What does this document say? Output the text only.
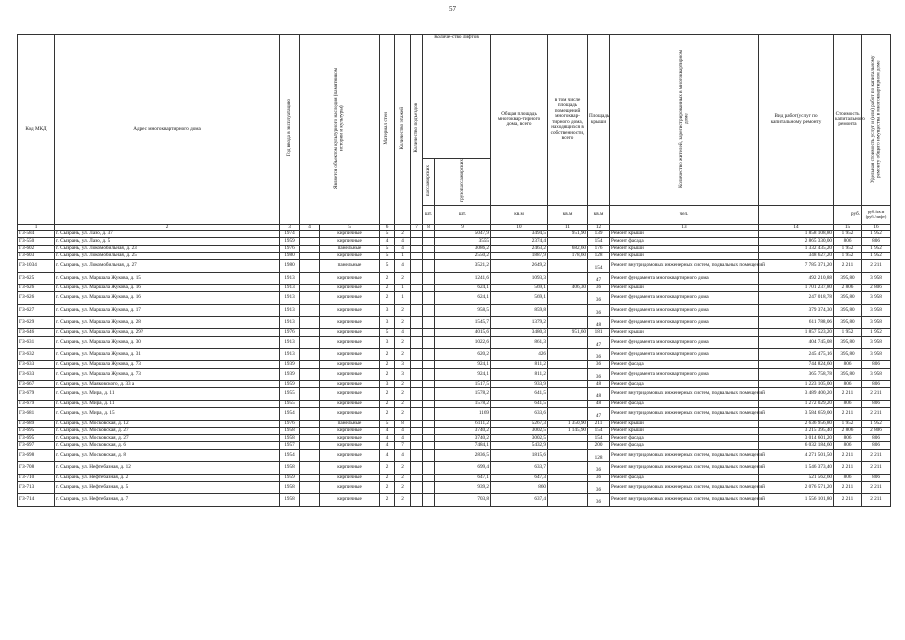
57
Код МКД	Адрес многоквартирного дома	Год ввода в эксплуатацию	Является объектом культурного наследия (памятником истории и культуры)		Материал стен	Количество этажей	Количество подъездов	Количе-ство лифтов		Общая площадь многоквар-тирного дома, всего	в том числе площадь помещений многоквар-тирного дома, находящихся в собственности, всего	Площадь крыши	Количество жителей, зарегистрированных в многоквартирном доме	Вид работ(услуг по капитальному ремонту	Стоимость капитального ремонта	Удельная стоимость услуг и (или) работ по капитальному ремонту общего имущества в многоквартирном доме	
								пассажирских	грузопассажирских								
								шт.	шт.	кв.м	кв.м	кв.м	чел.		руб.	руб./кв.м (руб./лифт)	
1	2	3	4	5	6		7	8	9	10	11	12	13	14	15	16	
ГЗ-584	г. Сызрань, ул. Лазо, д. 37	1974		кирпичные	5	2			5047,9	3494,5	951,90	139	Ремонт крыши	1 858 108,80	1 952	1 952	
ГЗ-550	г. Сызрань, ул. Лазо, д. 5	1959		кирпичные	4	4			3555	2374,4		154	Ремонт фасада	2 865 330,00	806	806	
ГЗ-602	г. Сызрань, ул. Локомобильная, д. 23	1976		панельные	5	4			3086,2	2463,2	682,60	176	Ремонт крыши	1 332 435,20	1 952	1 952	
ГЗ-603	г. Сызрань, ул. Локомобильная, д. 25	1980		кирпичные	5	1			2550,2	1887,9	178,60	128	Ремонт крыши	348 627,20	1 952	1 952	
ГЗ-1034	г. Сызрань, ул. Локомобильная, д. 27	1980		панельные	5	4			3521,2	2649,2		154	Ремонт внутридомовых инженерных систем, подвальных помещений	7 785 371,20	2 211	2 211	
ГЗ-625	г. Сызрань, ул. Маршала Жукова, д. 15	1913		кирпичные	2	2			1241,6	1093,3		47	Ремонт фундамента многоквартирного дома	492 210,88	395,80	3 958	
ГЗ-626	г. Сызрань, ул. Маршала Жукова, д. 16	1913		кирпичные	2	1			624,1	569,1	406,30	36	Ремонт крыши	1 701 237,80	2 806	2 806	
ГЗ-626	г. Сызрань, ул. Маршала Жукова, д. 16	1913		кирпичные	2	1			624,1	569,1		36	Ремонт фундамента многоквартирного дома	247 018,78	395,80	3 958	
ГЗ-627	г. Сызрань, ул. Маршала Жукова, д. 17	1913		кирпичные	3	2			958,5	859,8		36	Ремонт фундамента многоквартирного дома	379 374,30	395,80	3 958	
ГЗ-629	г. Сызрань, ул. Маршала Жукова, д. 28	1913		кирпичные	3	2			1545,7	1379,2		48	Ремонт фундамента многоквартирного дома	611 788,06	395,80	3 958	
ГЗ-646	г. Сызрань, ул. Маршала Жукова, д. 29?	1976		кирпичные	5	4			4015,6	3480,3	951,60	181	Ремонт крыши	1 857 523,20	1 952	1 952	
ГЗ-631	г. Сызрань, ул. Маршала Жукова, д. 30	1913		кирпичные	3	2			1022,6	861,3		47	Ремонт фундамента многоквартирного дома	404 745,08	395,80	3 958	
ГЗ-632	г. Сызрань, ул. Маршала Жукова, д. 31	1913		кирпичные	2	2			620,2	426		36	Ремонт фундамента многоквартирного дома	245 475,16	395,80	3 958	
ГЗ-633	г. Сызрань, ул. Маршала Жукова, д. 73	1939		кирпичные	2	3			924,1	811,2		36	Ремонт фасада	744 824,60	806	806	
ГЗ-633	г. Сызрань, ул. Маршала Жукова, д. 73	1939		кирпичные	2	3			924,1	811,2		36	Ремонт фундамента многоквартирного дома	365 758,78	395,80	3 958	
ГЗ-667	г. Сызрань, ул. Маяковского, д. 33 а	1959		кирпичные	3	2			1517,5	933,9		48	Ремонт фасада	1 223 105,00	806	806	
ГЗ-679	г. Сызрань, ул. Мира, д. 11	1955		кирпичные	2	2			1578,2	641,5		48	Ремонт внутридомовых инженерных систем, подвальных помещений	3 489 400,20	2 211	2 211	
ГЗ-679	г. Сызрань, ул. Мира, д. 11	1955		кирпичные	2	2			1578,2	641,5		48	Ремонт фасада	1 272 029,20	806	806	
ГЗ-681	г. Сызрань, ул. Мира, д. 15	1954		кирпичные	2	2			1169	633,6		47	Ремонт внутридомовых инженерных систем, подвальных помещений	3 584 659,00	2 211	2 211	
ГЗ-689	г. Сызрань, ул. Московская, д. 12	1976		панельные	5	8			6111,2	5267,3	1 350,90	211	Ремонт крыши	2 636 956,80	1 952	1 952	
ГЗ-695	г. Сызрань, ул. Московская, д. 27	1958		кирпичные	4	4			3740,2	3002,5	1 145,90	154	Ремонт крыши	3 215 395,40	2 806	2 806	
ГЗ-695	г. Сызрань, ул. Московская, д. 27	1958		кирпичные	4	4			3740,2	3002,5		154	Ремонт фасада	3 014 601,20	806	806	
ГЗ-697	г. Сызрань, ул. Московская, д. 6	1957		кирпичные	4	7			7484,1	5432,9		200	Ремонт фасада	6 032 184,60	806	806	
ГЗ-698	г. Сызрань, ул. Московская, д. 8	1954		кирпичные	4	4			2836,5	1815,6		128	Ремонт внутридомовых инженерных систем, подвальных помещений	4 271 501,50	2 211	2 211	
ГЗ-708	г. Сызрань, ул. Нефтебазная, д. 12	1958		кирпичные	2	2			699,4	633,7		36	Ремонт внутридомовых инженерных систем, подвальных помещений	1 546 373,40	2 211	2 211	
ГЗ-710	г. Сызрань, ул. Нефтебазная, д. 2	1959		кирпичные	2	2			647,1	647,3		36	Ремонт фасада	521 562,60	806	806	
ГЗ-713	г. Сызрань, ул. Нефтебазная, д. 5	1958		кирпичные	2	2			939,2	860		36	Ремонт внутридомовых инженерных систем, подвальных помещений	2 076 571,20	2 211	2 211	
ГЗ-714	г. Сызрань, ул. Нефтебазная, д. 7	1958		кирпичные	2	2			703,8	637,4		36	Ремонт внутридомовых инженерных систем, подвальных помещений	1 556 101,80	2 211	2 211	
